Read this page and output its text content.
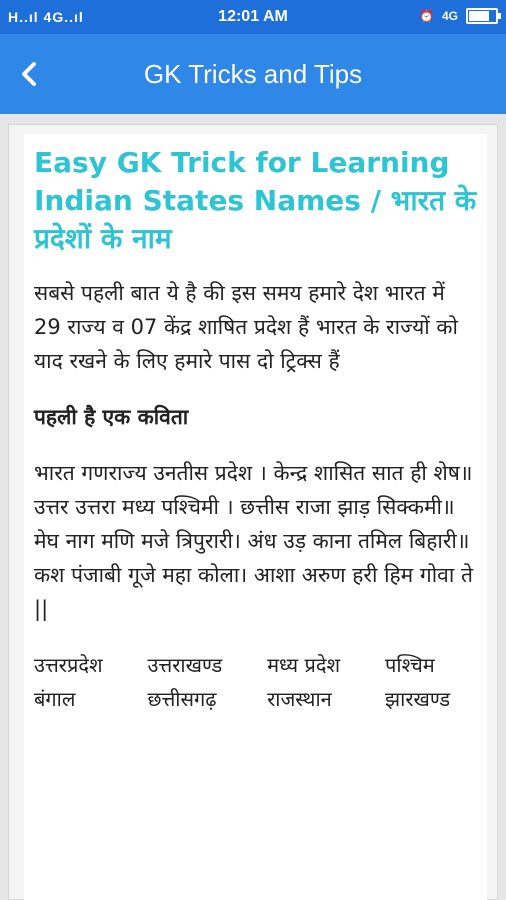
H..ıl 4G..ıl	12:01 AM	⏰ 4G
GK Tricks and Tips
Easy GK Trick for Learning Indian States Names / भारत के प्रदेशों के नाम

सबसे पहली बात ये है की इस समय हमारे देश भारत में 29 राज्य व 07 केंद्र शाषित प्रदेश हैं भारत के राज्यों को याद रखने के लिए हमारे पास दो ट्रिक्स हैं

पहली है एक कविता

भारत गणराज्य उनतीस प्रदेश । केन्द्र शासित सात ही शेष॥

उत्तर उत्तरा मध्य पश्चिमी । छत्तीस राजा झाड़ सिक्कमी॥

मेघ नाग मणि मजे त्रिपुरारी। अंध उड़ काना तमिल बिहारी॥

कश पंजाबी गूजे महा कोला। आशा अरुण हरी हिम गोवा ते ||

उत्तरप्रदेश	उत्तराखण्ड	मध्य प्रदेश	पश्चिम
बंगाल	छत्तीसगढ़	राजस्थान	झारखण्ड
